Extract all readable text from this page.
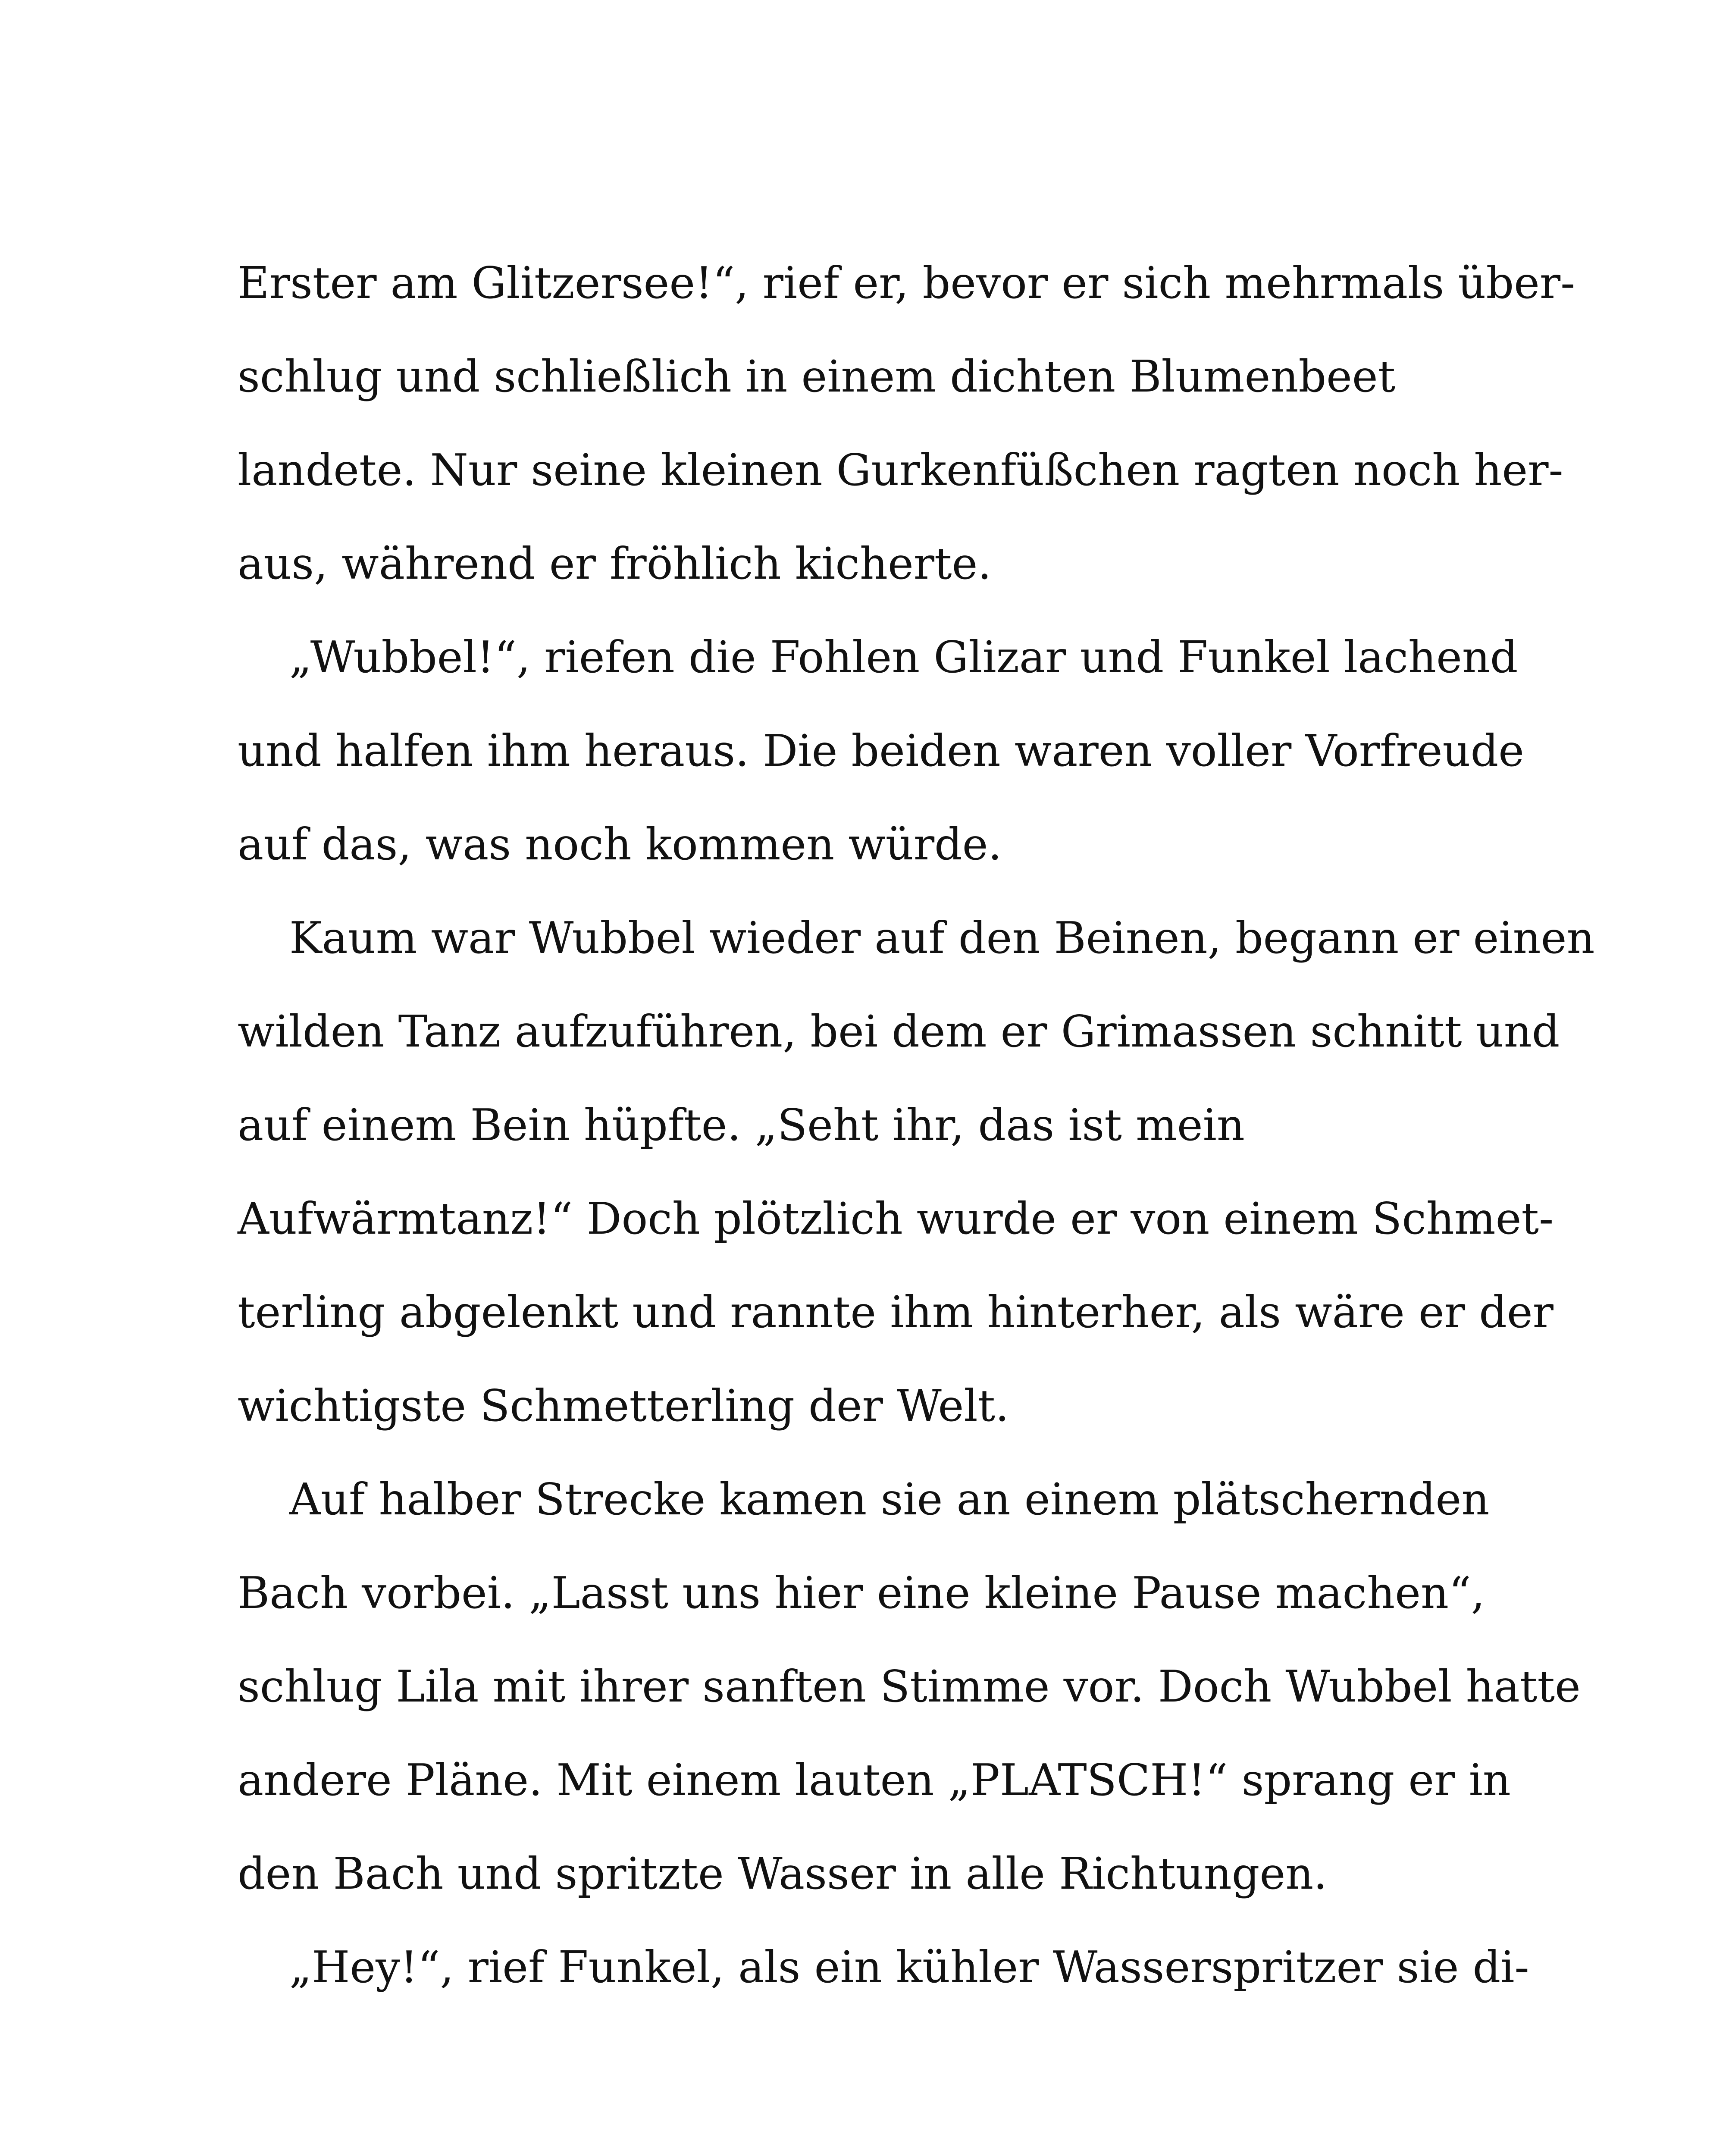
Erster am Glitzersee!“, rief er, bevor er sich mehrmals über-
schlug und schließlich in einem dichten Blumenbeet
landete. Nur seine kleinen Gurkenfüßchen ragten noch her-
aus, während er fröhlich kicherte.
„Wubbel!“, riefen die Fohlen Glizar und Funkel lachend
und halfen ihm heraus. Die beiden waren voller Vorfreude
auf das, was noch kommen würde.
Kaum war Wubbel wieder auf den Beinen, begann er einen
wilden Tanz aufzuführen, bei dem er Grimassen schnitt und
auf einem Bein hüpfte. „Seht ihr, das ist mein
Aufwärmtanz!“ Doch plötzlich wurde er von einem Schmet-
terling abgelenkt und rannte ihm hinterher, als wäre er der
wichtigste Schmetterling der Welt.
Auf halber Strecke kamen sie an einem plätschernden
Bach vorbei. „Lasst uns hier eine kleine Pause machen“,
schlug Lila mit ihrer sanften Stimme vor. Doch Wubbel hatte
andere Pläne. Mit einem lauten „PLATSCH!“ sprang er in
den Bach und spritzte Wasser in alle Richtungen.
„Hey!“, rief Funkel, als ein kühler Wasserspritzer sie di-
